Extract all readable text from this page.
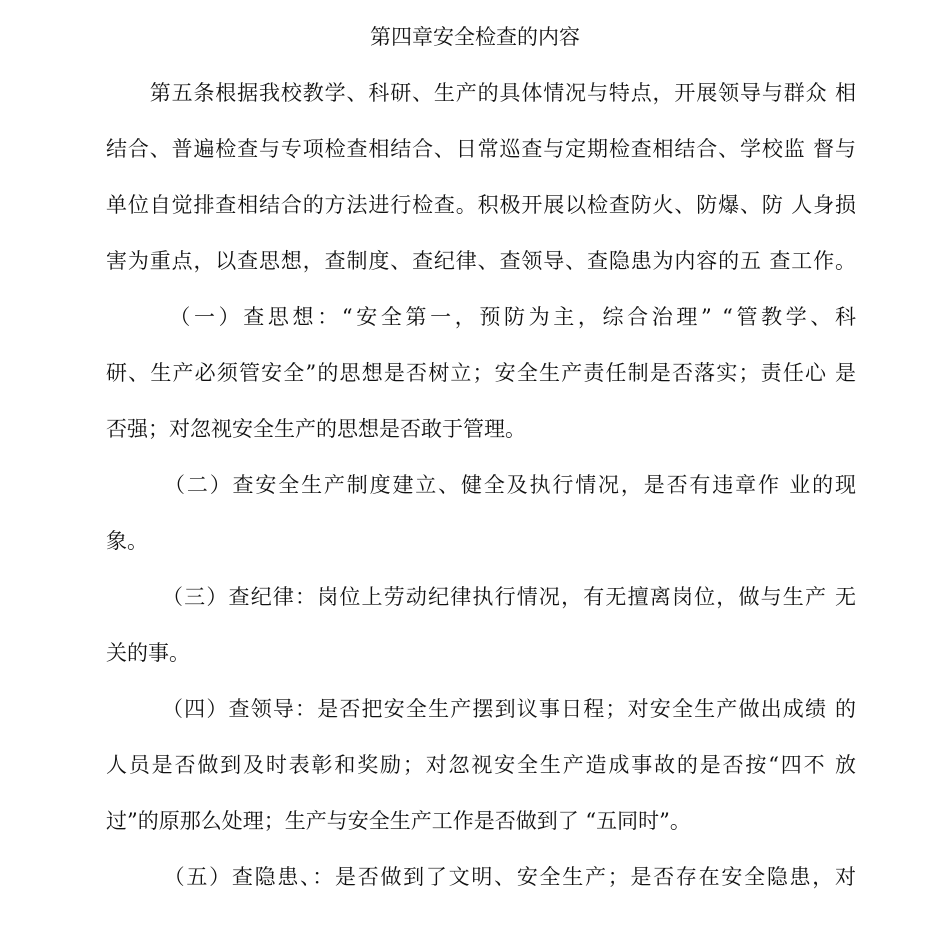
第四章安全检查的内容
　　第五条根据我校教学、科研、生产的具体情况与特点，开展领导与群众 相
结合、普遍检查与专项检查相结合、日常巡查与定期检查相结合、学校监 督与
单位自觉排查相结合的方法进行检查。积极开展以检查防火、防爆、防 人身损
害为重点，以查思想，查制度、查纪律、查领导、查隐患为内容的五 查工作。
　　　（一）查思想：“安全第一，预防为主，综合治理” “管教学、科
研、生产必须管安全”的思想是否树立；安全生产责任制是否落实；责任心 是
否强；对忽视安全生产的思想是否敢于管理。
　　　（二）查安全生产制度建立、健全及执行情况，是否有违章作 业的现
象。
　　　（三）查纪律：岗位上劳动纪律执行情况，有无擅离岗位，做与生产 无
关的事。
　　　（四）查领导：是否把安全生产摆到议事日程；对安全生产做出成绩 的
人员是否做到及时表彰和奖励；对忽视安全生产造成事故的是否按“四不 放
过”的原那么处理；生产与安全生产工作是否做到了 “五同时”。
　　　（五）查隐患、：是否做到了文明、安全生产；是否存在安全隐患，对
